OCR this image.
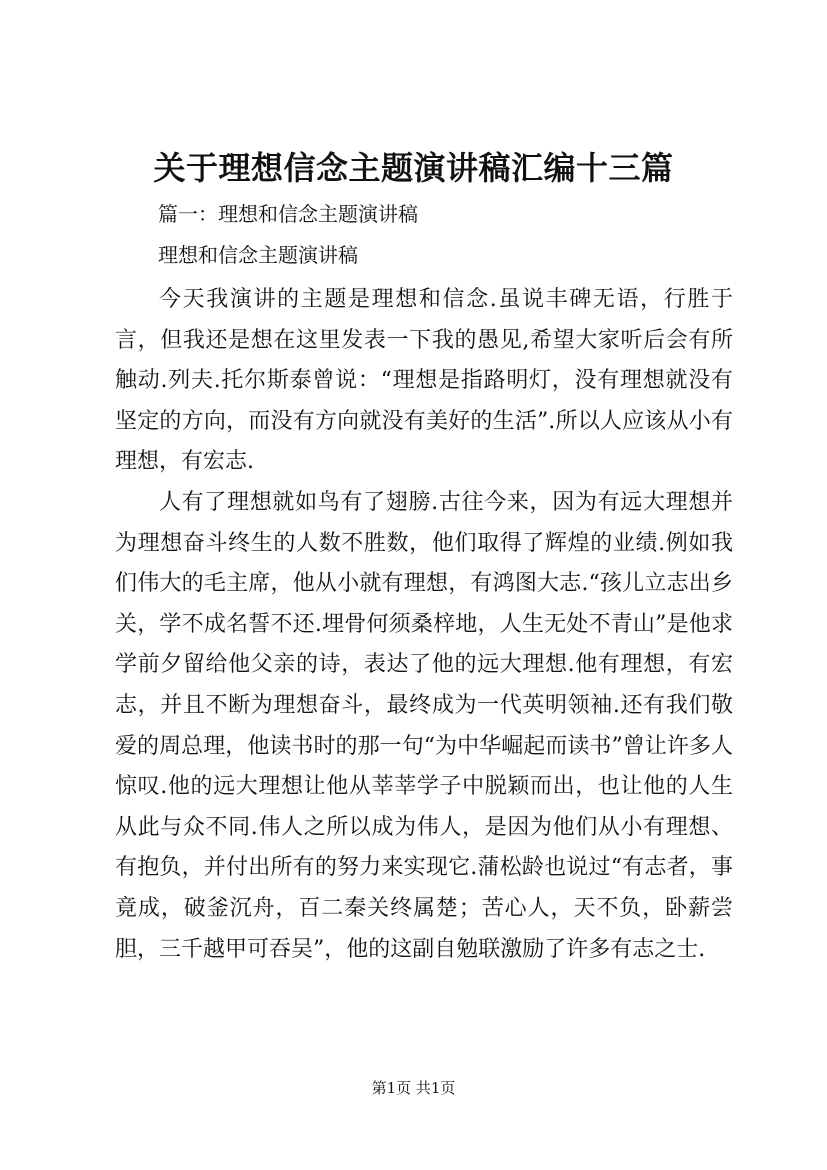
关于理想信念主题演讲稿汇编十三篇

篇一：理想和信念主题演讲稿

理想和信念主题演讲稿

今天我演讲的主题是理想和信念.虽说丰碑无语，行胜于言，但我还是想在这里发表一下我的愚见,希望大家听后会有所触动.列夫.托尔斯泰曾说：“理想是指路明灯，没有理想就没有坚定的方向，而没有方向就没有美好的生活”.所以人应该从小有理想，有宏志.

人有了理想就如鸟有了翅膀.古往今来，因为有远大理想并为理想奋斗终生的人数不胜数，他们取得了辉煌的业绩.例如我们伟大的毛主席，他从小就有理想，有鸿图大志.“孩儿立志出乡关，学不成名誓不还.埋骨何须桑梓地，人生无处不青山”是他求学前夕留给他父亲的诗，表达了他的远大理想.他有理想，有宏志，并且不断为理想奋斗，最终成为一代英明领袖.还有我们敬爱的周总理，他读书时的那一句“为中华崛起而读书”曾让许多人惊叹.他的远大理想让他从莘莘学子中脱颖而出，也让他的人生从此与众不同.伟人之所以成为伟人，是因为他们从小有理想、有抱负，并付出所有的努力来实现它.蒲松龄也说过“有志者，事竟成，破釜沉舟，百二秦关终属楚；苦心人，天不负，卧薪尝胆，三千越甲可吞吴”，他的这副自勉联激励了许多有志之士.

第1页 共1页
